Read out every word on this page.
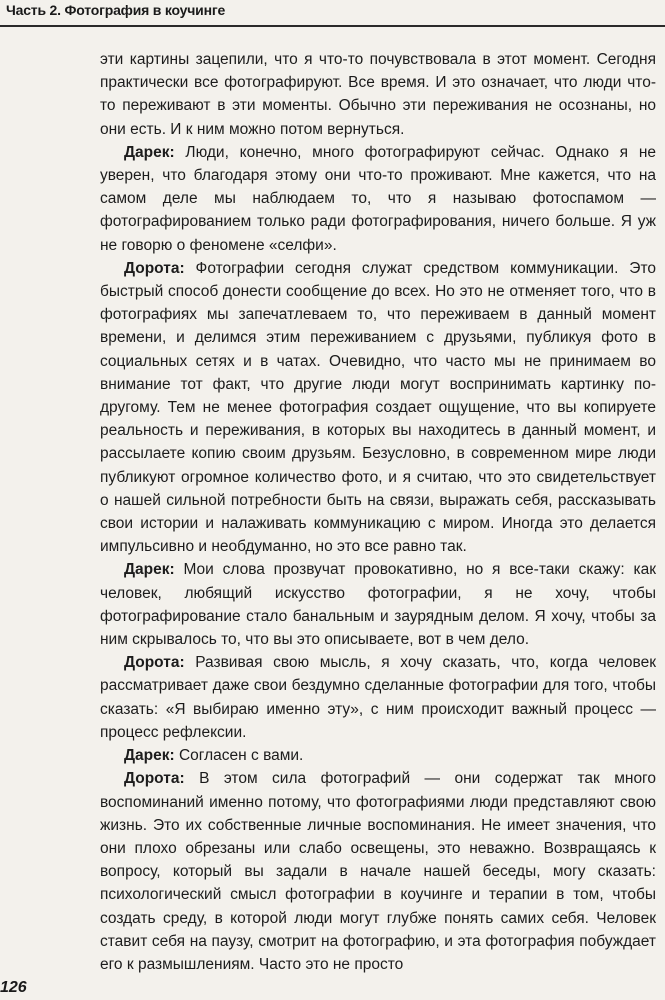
Часть 2. Фотография в коучинге

эти картины зацепили, что я что-то почувствовала в этот момент. Сегодня практически все фотографируют. Все время. И это означает, что люди что-то переживают в эти моменты. Обычно эти переживания не осознаны, но они есть. И к ним можно потом вернуться.

Дарек: Люди, конечно, много фотографируют сейчас. Однако я не уверен, что благодаря этому они что-то проживают. Мне кажется, что на самом деле мы наблюдаем то, что я называю фотоспамом — фотографированием только ради фотографирования, ничего больше. Я уж не говорю о феномене «селфи».

Дорота: Фотографии сегодня служат средством коммуникации. Это быстрый способ донести сообщение до всех. Но это не отменяет того, что в фотографиях мы запечатлеваем то, что переживаем в данный момент времени, и делимся этим переживанием с друзьями, публикуя фото в социальных сетях и в чатах. Очевидно, что часто мы не принимаем во внимание тот факт, что другие люди могут воспринимать картинку по-другому. Тем не менее фотография создает ощущение, что вы копируете реальность и переживания, в которых вы находитесь в данный момент, и рассылаете копию своим друзьям. Безусловно, в современном мире люди публикуют огромное количество фото, и я считаю, что это свидетельствует о нашей сильной потребности быть на связи, выражать себя, рассказывать свои истории и налаживать коммуникацию с миром. Иногда это делается импульсивно и необдуманно, но это все равно так.

Дарек: Мои слова прозвучат провокативно, но я все-таки скажу: как человек, любящий искусство фотографии, я не хочу, чтобы фотографирование стало банальным и заурядным делом. Я хочу, чтобы за ним скрывалось то, что вы это описываете, вот в чем дело.

Дорота: Развивая свою мысль, я хочу сказать, что, когда человек рассматривает даже свои бездумно сделанные фотографии для того, чтобы сказать: «Я выбираю именно эту», с ним происходит важный процесс — процесс рефлексии.

Дарек: Согласен с вами.

Дорота: В этом сила фотографий — они содержат так много воспоминаний именно потому, что фотографиями люди представляют свою жизнь. Это их собственные личные воспоминания. Не имеет значения, что они плохо обрезаны или слабо освещены, это неважно. Возвращаясь к вопросу, который вы задали в начале нашей беседы, могу сказать: психологический смысл фотографии в коучинге и терапии в том, чтобы создать среду, в которой люди могут глубже понять самих себя. Человек ставит себя на паузу, смотрит на фотографию, и эта фотография побуждает его к размышлениям. Часто это не просто

126
